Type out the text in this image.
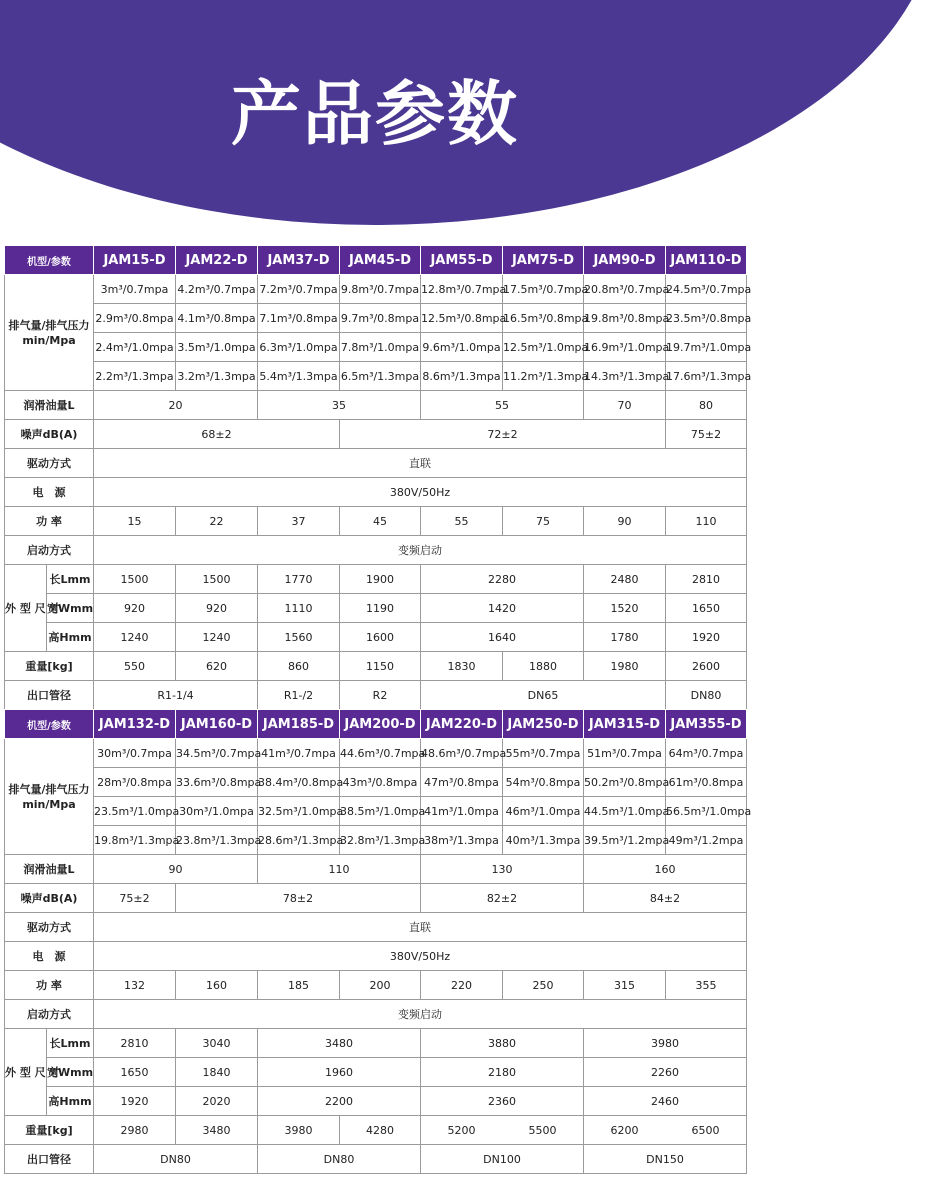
产品参数
机型/参数		JAM15-D	JAM22-D	JAM37-D	JAM45-D	JAM55-D	JAM75-D	JAM90-D	JAM110-D
排气量/排气压力 min/Mpa		3m³/0.7mpa	4.2m³/0.7mpa	7.2m³/0.7mpa	9.8m³/0.7mpa	12.8m³/0.7mpa	17.5m³/0.7mpa	20.8m³/0.7mpa	24.5m³/0.7mpa
		2.9m³/0.8mpa	4.1m³/0.8mpa	7.1m³/0.8mpa	9.7m³/0.8mpa	12.5m³/0.8mpa	16.5m³/0.8mpa	19.8m³/0.8mpa	23.5m³/0.8mpa
		2.4m³/1.0mpa	3.5m³/1.0mpa	6.3m³/1.0mpa	7.8m³/1.0mpa	9.6m³/1.0mpa	12.5m³/1.0mpa	16.9m³/1.0mpa	19.7m³/1.0mpa
		2.2m³/1.3mpa	3.2m³/1.3mpa	5.4m³/1.3mpa	6.5m³/1.3mpa	8.6m³/1.3mpa	11.2m³/1.3mpa	14.3m³/1.3mpa	17.6m³/1.3mpa
润滑油量L		20		35		55		70	80
噪声dB(A)		68±2			72±2				75±2
驱动方式		直联							
电　源		380V/50Hz							
功 率		15	22	37	45	55	75	90	110
启动方式		变频启动							
外 型 尺 寸	长Lmm	1500	1500	1770	1900	2280		2480	2810
	宽Wmm	920	920	1110	1190	1420		1520	1650
	高Hmm	1240	1240	1560	1600	1640		1780	1920
重量[kg]		550	620	860	1150	1830	1880	1980	2600
出口管径		R1-1/4		R1-/2	R2	DN65			DN80
机型/参数		JAM132-D	JAM160-D	JAM185-D	JAM200-D	JAM220-D	JAM250-D	JAM315-D	JAM355-D
排气量/排气压力 min/Mpa		30m³/0.7mpa	34.5m³/0.7mpa	41m³/0.7mpa	44.6m³/0.7mpa	48.6m³/0.7mpa	55m³/0.7mpa	51m³/0.7mpa	64m³/0.7mpa
		28m³/0.8mpa	33.6m³/0.8mpa	38.4m³/0.8mpa	43m³/0.8mpa	47m³/0.8mpa	54m³/0.8mpa	50.2m³/0.8mpa	61m³/0.8mpa
		23.5m³/1.0mpa	30m³/1.0mpa	32.5m³/1.0mpa	38.5m³/1.0mpa	41m³/1.0mpa	46m³/1.0mpa	44.5m³/1.0mpa	56.5m³/1.0mpa
		19.8m³/1.3mpa	23.8m³/1.3mpa	28.6m³/1.3mpa	32.8m³/1.3mpa	38m³/1.3mpa	40m³/1.3mpa	39.5m³/1.2mpa	49m³/1.2mpa
润滑油量L		90		110		130		160	
噪声dB(A)		75±2	78±2			82±2		84±2	
驱动方式		直联							
电　源		380V/50Hz							
功 率		132	160	185	200	220	250	315	355
启动方式		变频启动							
外 型 尺 寸	长Lmm	2810	3040	3480		3880		3980	
	宽Wmm	1650	1840	1960		2180		2260	
	高Hmm	1920	2020	2200		2360		2460	
重量[kg]		2980	3480	3980	4280	5200 5500		6200 6500	

出口管径		DN80		DN80		DN100		DN150	
